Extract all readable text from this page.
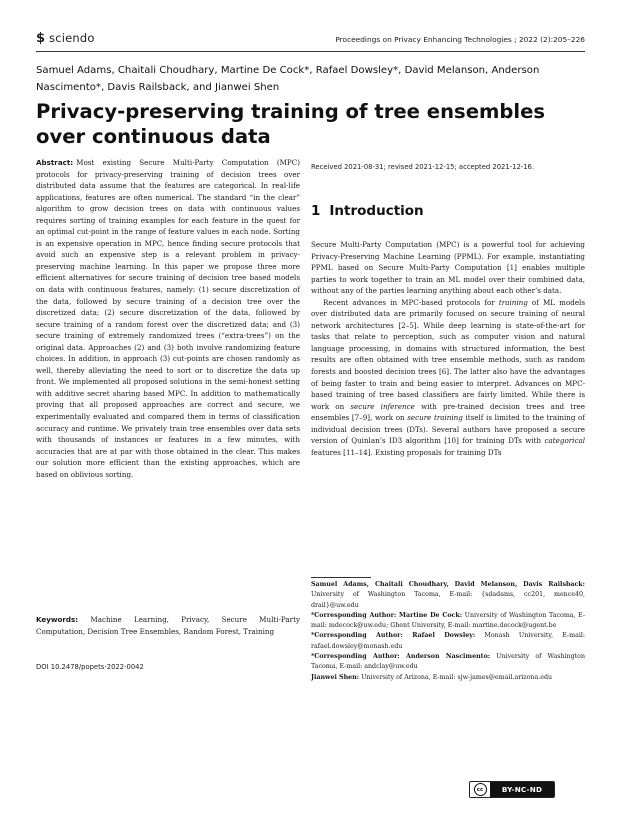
$ sciendo	Proceedings on Privacy Enhancing Technologies ; 2022 (2):205–226
Samuel Adams, Chaitali Choudhary, Martine De Cock*, Rafael Dowsley*, David Melanson, Anderson Nascimento*, Davis Railsback, and Jianwei Shen
Privacy-preserving training of tree ensembles over continuous data

Abstract: Most existing Secure Multi-Party Computation (MPC) protocols for privacy-preserving training of decision trees over distributed data assume that the features are categorical. In real-life applications, features are often numerical. The standard “in the clear” algorithm to grow decision trees on data with continuous values requires sorting of training examples for each feature in the quest for an optimal cut-point in the range of feature values in each node. Sorting is an expensive operation in MPC, hence finding secure protocols that avoid such an expensive step is a relevant problem in privacy-preserving machine learning. In this paper we propose three more efficient alternatives for secure training of decision tree based models on data with continuous features, namely: (1) secure discretization of the data, followed by secure training of a decision tree over the discretized data; (2) secure discretization of the data, followed by secure training of a random forest over the discretized data; and (3) secure training of extremely randomized trees (“extra-trees”) on the original data. Approaches (2) and (3) both involve randomizing feature choices. In addition, in approach (3) cut-points are chosen randomly as well, thereby alleviating the need to sort or to discretize the data up front. We implemented all proposed solutions in the semi-honest setting with additive secret sharing based MPC. In addition to mathematically proving that all proposed approaches are correct and secure, we experimentally evaluated and compared them in terms of classification accuracy and runtime. We privately train tree ensembles over data sets with thousands of instances or features in a few minutes, with accuracies that are at par with those obtained in the clear. This makes our solution more efficient than the existing approaches, which are based on oblivious sorting.

Keywords: Machine Learning, Privacy, Secure Multi-Party Computation, Decision Tree Ensembles, Random Forest, Training
DOI 10.2478/popets-2022-0042
Received 2021-08-31; revised 2021-12-15; accepted 2021-12-16.
1 Introduction

Secure Multi-Party Computation (MPC) is a powerful tool for achieving Privacy-Preserving Machine Learning (PPML). For example, instantiating PPML based on Secure Multi-Party Computation [1] enables multiple parties to work together to train an ML model over their combined data, without any of the parties learning anything about each other’s data.

Recent advances in MPC-based protocols for training of ML models over distributed data are primarily focused on secure training of neural network architectures [2–5]. While deep learning is state-of-the-art for tasks that relate to perception, such as computer vision and natural language processing, in domains with structured information, the best results are often obtained with tree ensemble methods, such as random forests and boosted decision trees [6]. The latter also have the advantages of being faster to train and being easier to interpret. Advances on MPC-based training of tree based classifiers are fairly limited. While there is work on secure inference with pre-trained decision trees and tree ensembles [7–9], work on secure training itself is limited to the training of individual decision trees (DTs). Several authors have proposed a secure version of Quinlan’s ID3 algorithm [10] for training DTs with categorical features [11–14]. Existing proposals for training DTs

Samuel Adams, Chaitali Choudhary, David Melanson, Davis Railsback: University of Washington Tacoma, E-mail: {sdadams, cc201, mence40, drail}@uw.edu

*Corresponding Author: Martine De Cock: University of Washington Tacoma, E-mail: mdecock@uw.edu; Ghent University, E-mail: martine.decock@ugent.be

*Corresponding Author: Rafael Dowsley: Monash University, E-mail: rafael.dowsley@monash.edu

*Corresponding Author: Anderson Nascimento: University of Washington Tacoma, E-mail: andclay@uw.edu

Jianwei Shen: University of Arizona, E-mail: sjw-james@email.arizona.edu

cc	BY-NC-ND
